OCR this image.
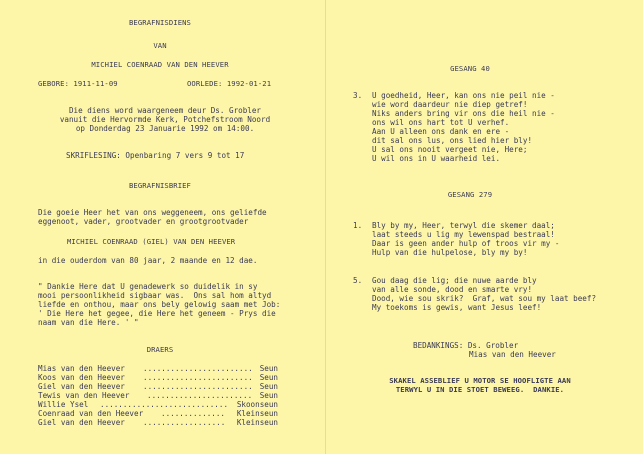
BEGRAFNISDIENS
VAN
MICHIEL COENRAAD VAN DEN HEEVER
GEBORE: 1911-11-09	OORLEDE: 1992-01-21
Die diens word waargeneem deur Ds. Grobler
vanuit die Hervormde Kerk, Potchefstroom Noord
op Donderdag 23 Januarie 1992 om 14:00.
SKRIFLESING: Openbaring 7 vers 9 tot 17
BEGRAFNISBRIEF
Die goeie Heer het van ons weggeneem, ons geliefde
eggenoot, vader, grootvader en grootgrootvader
MICHIEL COENRAAD (GIEL) VAN DEN HEEVER
in die ouderdom van 80 jaar, 2 maande en 12 dae.
" Dankie Here dat U genadewerk so duidelik in sy
mooi persoonlikheid sigbaar was.  Ons sal hom altyd
liefde en onthou, maar ons bely gelowig saam met Job:
' Die Here het gegee, die Here het geneem - Prys die
naam van die Here. ' "
DRAERS
Mias van den Heever ........................ Seun
Koos van den Heever ........................ Seun
Giel van den Heever ........................ Seun
Tewis van den Heever ....................... Seun
Willie Ysel ............................	Skoonseun
Coenraad van den Heever ..............	Kleinseun
Giel van den Heever ..................	Kleinseun
GESANG 40
3. U goedheid, Heer, kan ons nie peil nie -
wie word daardeur nie diep getref!
Niks anders bring vir ons die heil nie -
ons wil ons hart tot U verhef.
Aan U alleen ons dank en ere -
dit sal ons lus, ons lied hier bly!
U sal ons nooit vergeet nie, Here;
U wil ons in U waarheid lei.
GESANG 279
1. Bly by my, Heer, terwyl die skemer daal;
laat steeds u lig my lewenspad bestraal!
Daar is geen ander hulp of troos vir my -
Hulp van die hulpelose, bly my by!
5. Gou daag die lig; die nuwe aarde bly
van alle sonde, dood en smarte vry!
Dood, wie sou skrik?  Graf, wat sou my laat beef?
My toekoms is gewis, want Jesus leef!
BEDANKINGS: Ds. Grobler
Mias van den Heever
SKAKEL ASSEBLIEF U MOTOR SE HOOFLIGTE AAN
TERWYL U IN DIE STOET BEWEEG.  DANKIE.
